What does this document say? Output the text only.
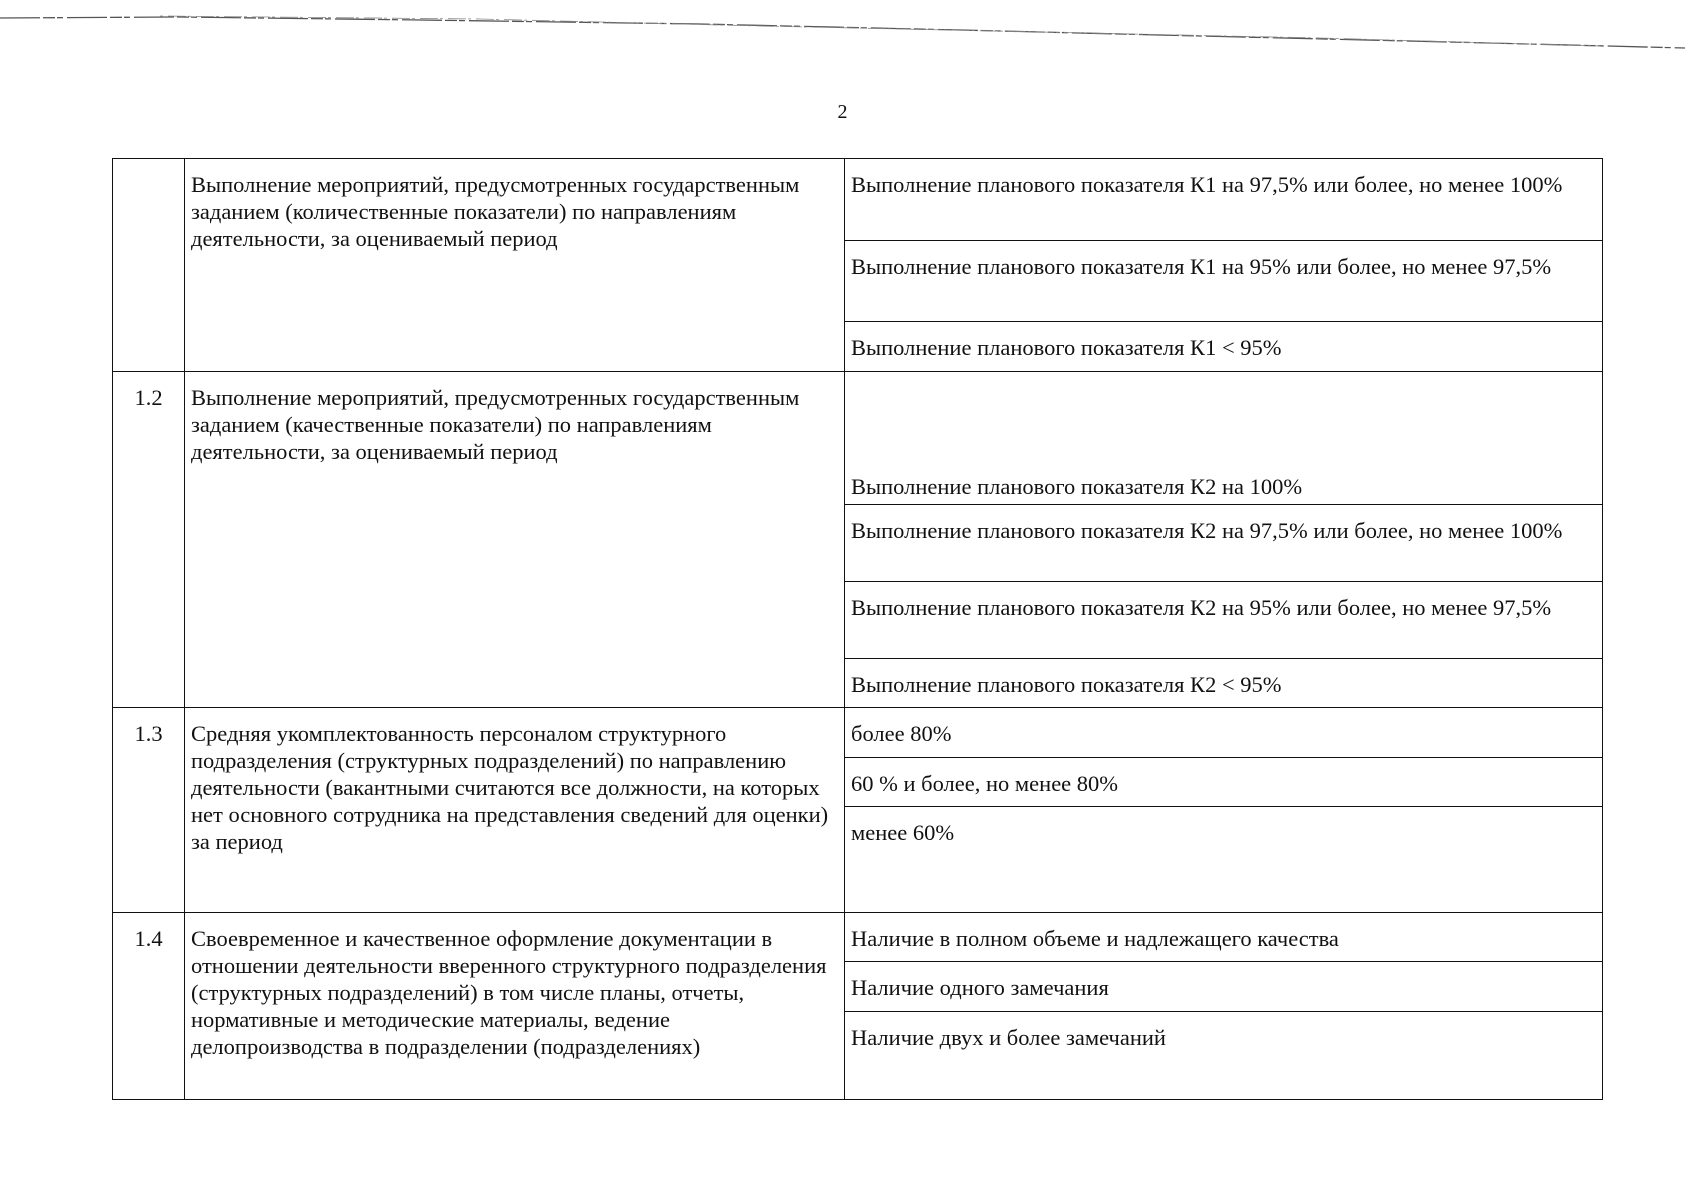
2
	Выполнение мероприятий, предусмотренных государственным заданием (количественные показатели) по направлениям деятельности, за оцениваемый период	Выполнение планового показателя К1 на 97,5% или более, но менее 100%
		Выполнение планового показателя К1 на 95% или более, но менее 97,5%
		Выполнение планового показателя К1 < 95%
1.2	Выполнение мероприятий, предусмотренных государственным заданием (качественные показатели) по направлениям деятельности, за оцениваемый период	Выполнение планового показателя К2 на 100%
		Выполнение планового показателя К2 на 97,5% или более, но менее 100%
		Выполнение планового показателя К2 на 95% или более, но менее 97,5%
		Выполнение планового показателя К2 < 95%
1.3	Средняя укомплектованность персоналом структурного подразделения (структурных подразделений) по направлению деятельности (вакантными считаются все должности, на которых нет основного сотрудника на представления сведений для оценки) за период	более 80%
		60 % и более, но менее 80%
		менее 60%
1.4	Своевременное и качественное оформление документации в отношении деятельности вверенного структурного подразделения (структурных подразделений) в том числе планы, отчеты, нормативные и методические материалы, ведение делопроизводства в подразделении (подразделениях)	Наличие в полном объеме и надлежащего качества
		Наличие одного замечания
		Наличие двух и более замечаний
